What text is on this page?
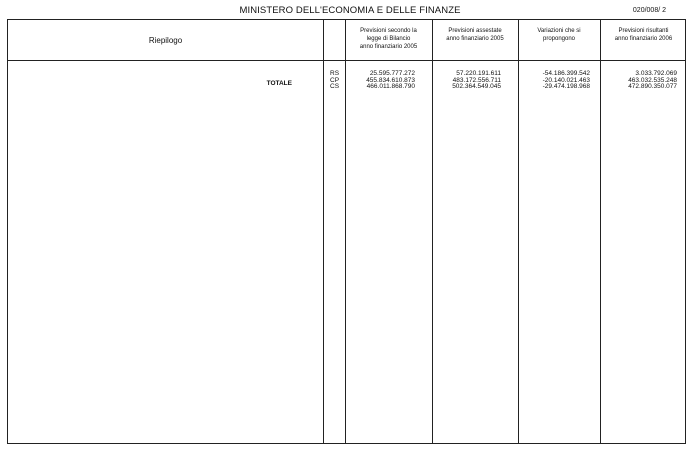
MINISTERO DELL'ECONOMIA E DELLE FINANZE	020/008/ 2
Riepilogo
Previsioni secondo la
legge di Bilancio
anno finanziario 2005
Previsioni assestate
anno finanziario 2005
Variazioni che si
propongono
Previsioni risultanti
anno finanziario 2006
TOTALE
RS
CP
CS
25.595.777.272
455.834.610.873
466.011.868.790
57.220.191.611
483.172.556.711
502.364.549.045
-54.186.399.542
-20.140.021.463
-29.474.198.968
3.033.792.069
463.032.535.248
472.890.350.077
